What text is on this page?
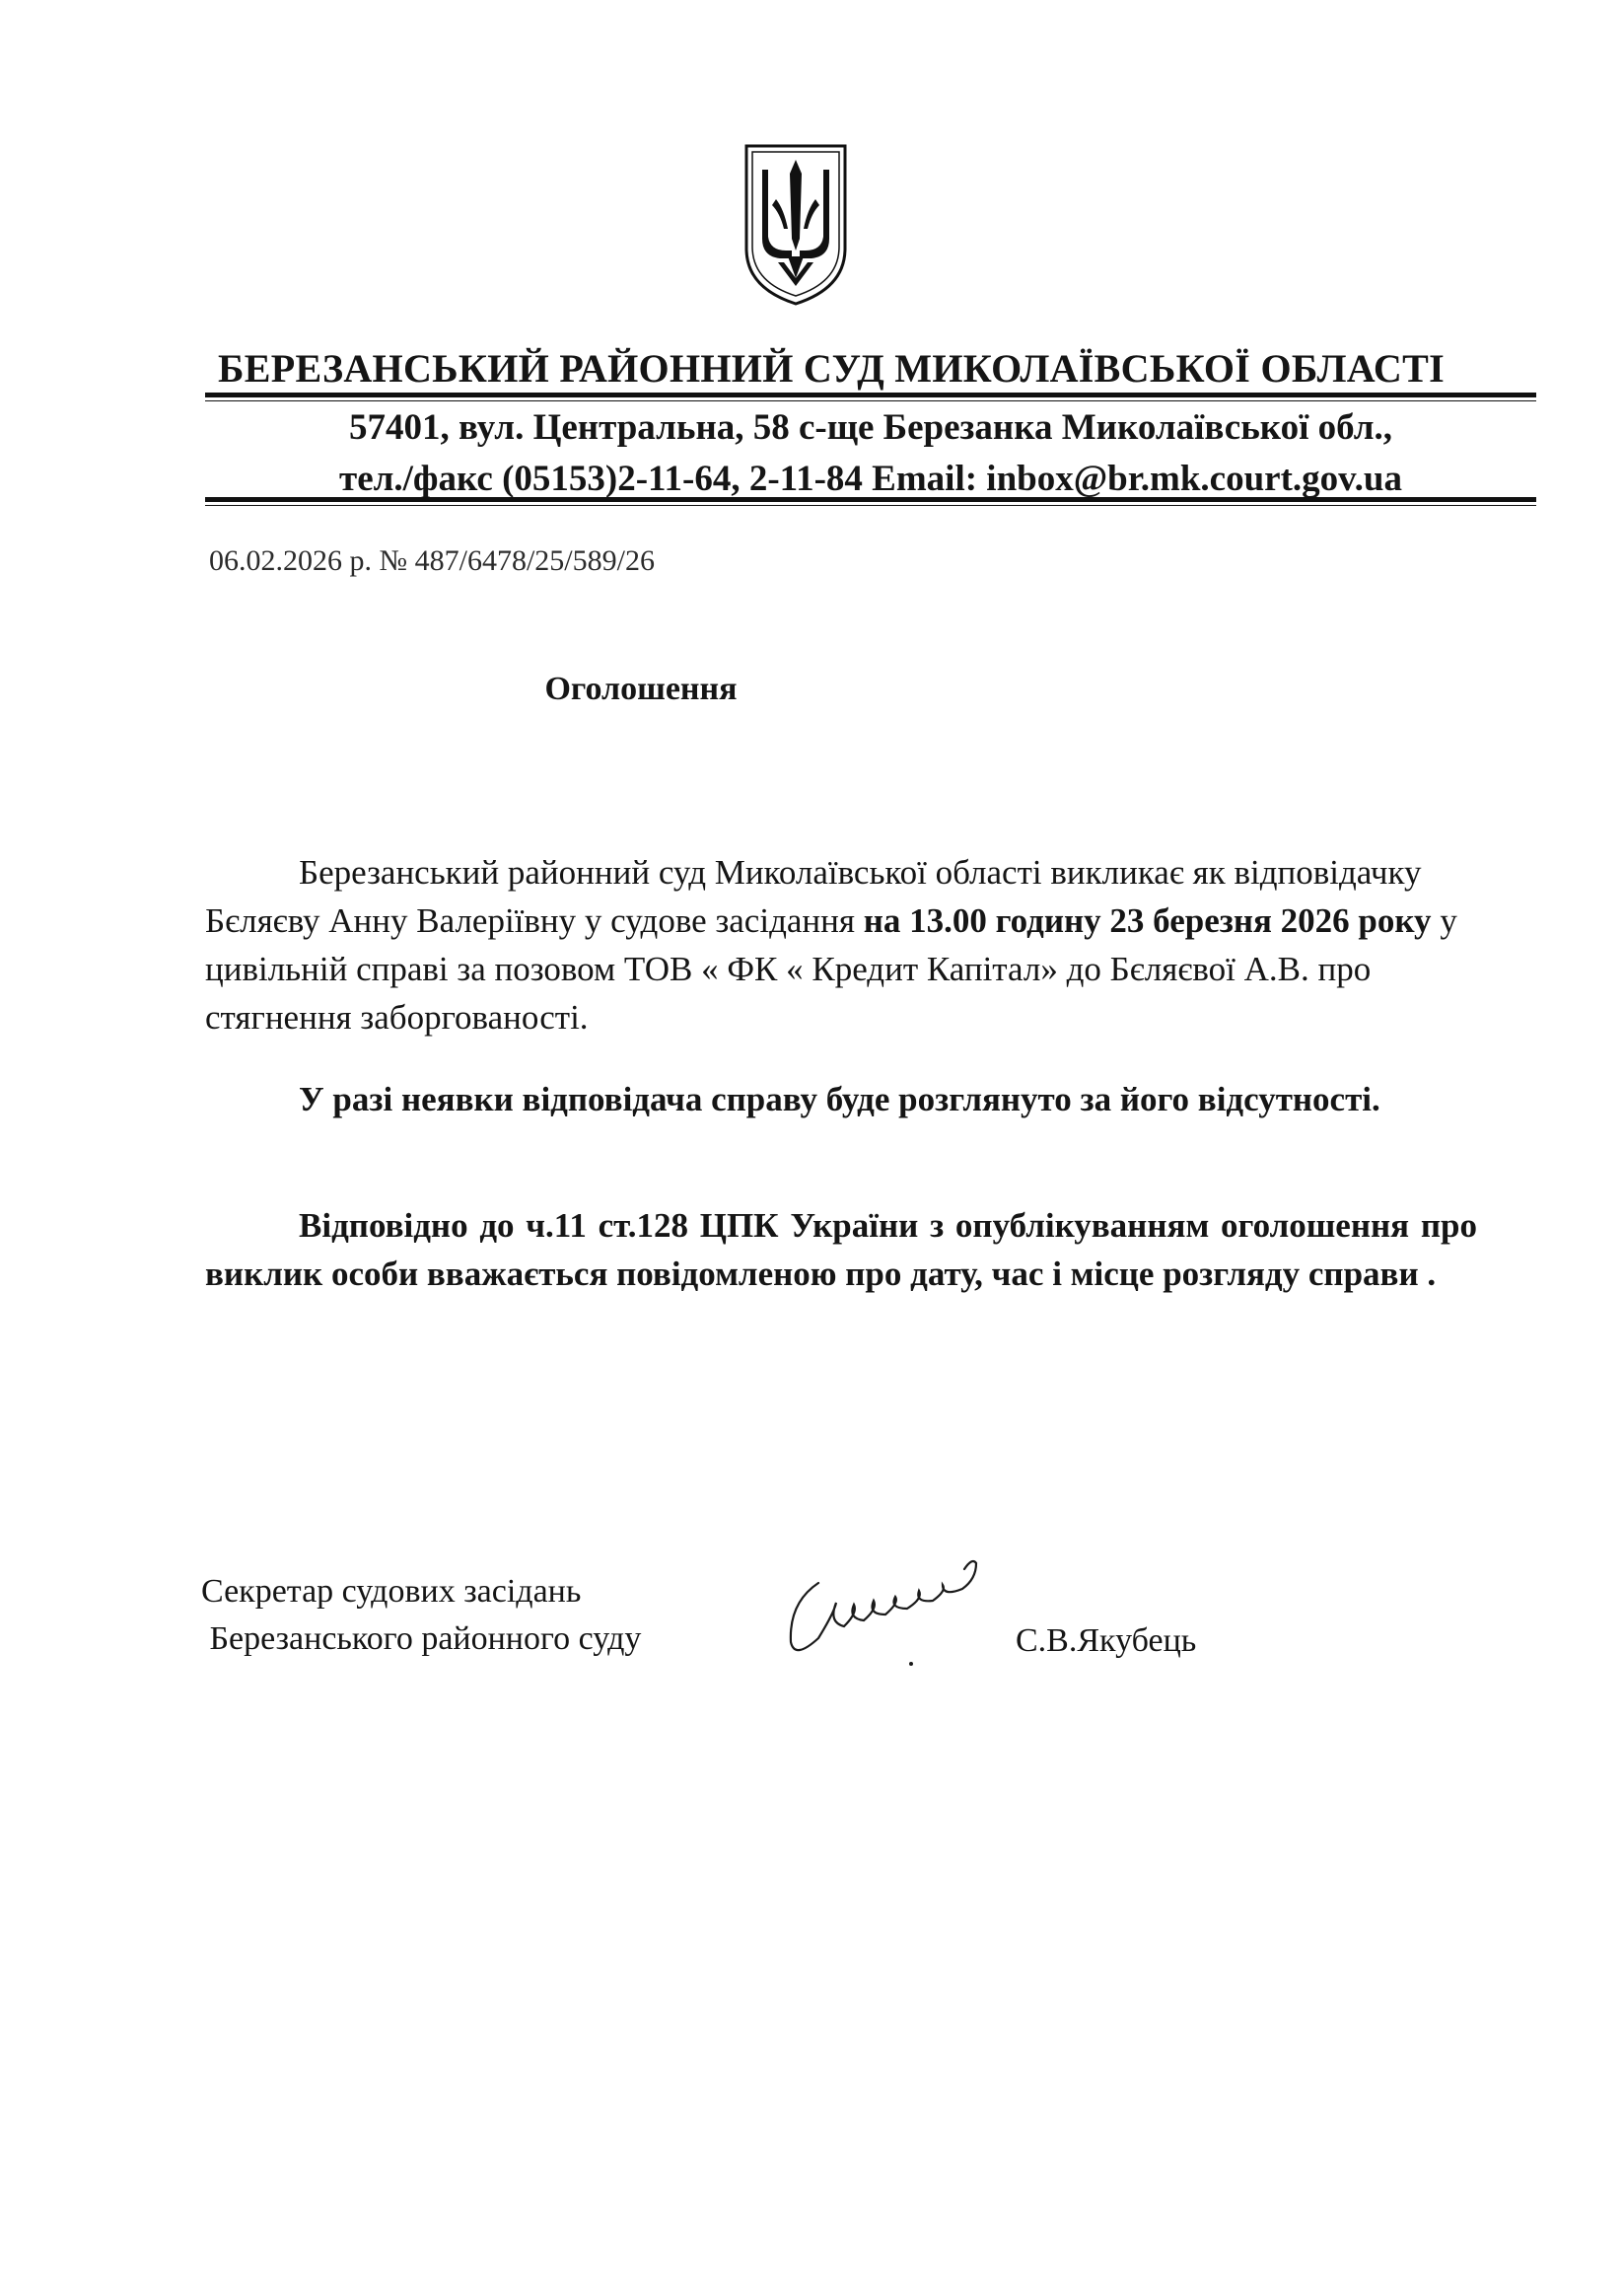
БЕРЕЗАНСЬКИЙ РАЙОННИЙ СУД МИКОЛАЇВСЬКОЇ ОБЛАСТІ
57401, вул. Центральна, 58 с-ще Березанка Миколаївської обл.,
тел./факс (05153)2-11-64, 2-11-84 Email: inbox@br.mk.court.gov.ua
06.02.2026 р. № 487/6478/25/589/26
Оголошення
Березанський районний суд Миколаївської області викликає як відповідачку Бєляєву Анну Валеріївну у судове засідання на 13.00 годину 23 березня 2026 року у цивільній справі за позовом ТОВ « ФК « Кредит Капітал» до Бєляєвої А.В. про стягнення заборгованості.
У разі неявки відповідача справу буде розглянуто за його відсутності.
Відповідно до ч.11 ст.128 ЦПК України з опублікуванням оголошення про виклик особи вважається повідомленою про дату, час і місце розгляду справи .
Секретар судових засідань
Березанського районного суду	С.В.Якубець
